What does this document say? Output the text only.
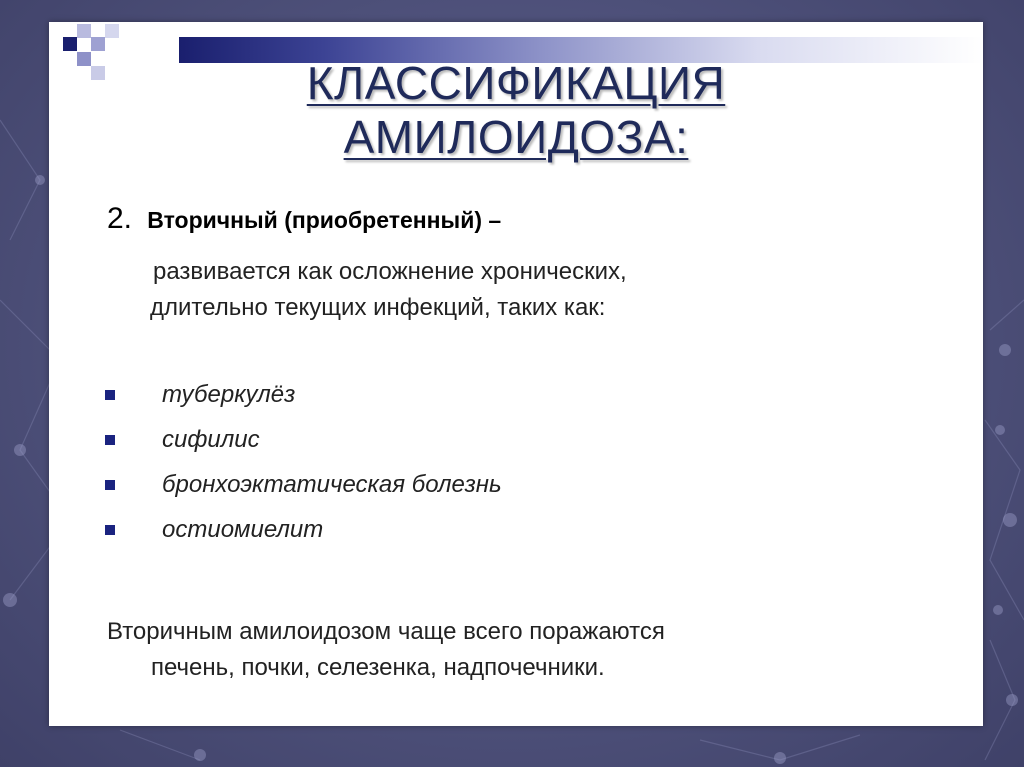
КЛАССИФИКАЦИЯ
АМИЛОИДОЗА:
2. Вторичный (приобретенный) –
развивается как осложнение хронических,
длительно текущих инфекций, таких как:
туберкулёз
сифилис
бронхоэктатическая болезнь
остиомиелит
Вторичным амилоидозом чаще всего поражаются
печень, почки, селезенка, надпочечники.
